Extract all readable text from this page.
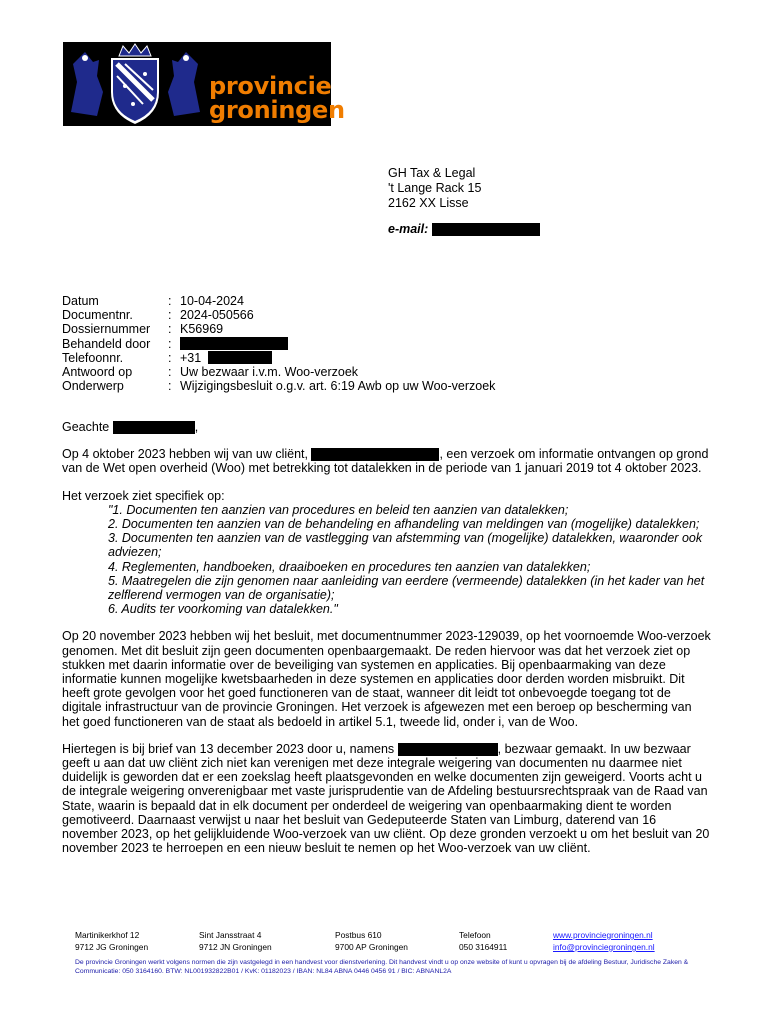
provincie
groningen
GH Tax & Legal
't Lange Rack 15
2162 XX Lisse
e-mail:
Datum	: 10-04-2024
Documentnr.	: 2024-050566
Dossiernummer	: K56969
Behandeld door	:
Telefoonnr.	: +31

Antwoord op	: Uw bezwaar i.v.m. Woo-verzoek
Onderwerp	: Wijzigingsbesluit o.g.v. art. 6:19 Awb op uw Woo-verzoek

Geachte	,

Op 4 oktober 2023 hebben wij van uw cliënt,	, een verzoek om informatie ontvangen op grond van de Wet open overheid (Woo) met betrekking tot datalekken in de periode van 1 januari 2019 tot 4 oktober 2023.

Het verzoek ziet specifiek op:
"1. Documenten ten aanzien van procedures en beleid ten aanzien van datalekken;
2. Documenten ten aanzien van de behandeling en afhandeling van meldingen van (mogelijke) datalekken;
3. Documenten ten aanzien van de vastlegging van afstemming van (mogelijke) datalekken, waaronder ook adviezen;
4. Reglementen, handboeken, draaiboeken en procedures ten aanzien van datalekken;
5. Maatregelen die zijn genomen naar aanleiding van eerdere (vermeende) datalekken (in het kader van het zelflerend vermogen van de organisatie);
6. Audits ter voorkoming van datalekken."

Op 20 november 2023 hebben wij het besluit, met documentnummer 2023-129039, op het voornoemde Woo-verzoek genomen. Met dit besluit zijn geen documenten openbaargemaakt. De reden hiervoor was dat het verzoek ziet op stukken met daarin informatie over de beveiliging van systemen en applicaties. Bij openbaarmaking van deze informatie kunnen mogelijke kwetsbaarheden in deze systemen en applicaties door derden worden misbruikt. Dit heeft grote gevolgen voor het goed functioneren van de staat, wanneer dit leidt tot onbevoegde toegang tot de digitale infrastructuur van de provincie Groningen. Het verzoek is afgewezen met een beroep op bescherming van het goed functioneren van de staat als bedoeld in artikel 5.1, tweede lid, onder i, van de Woo.

Hiertegen is bij brief van 13 december 2023 door u, namens	, bezwaar gemaakt. In uw bezwaar geeft u aan dat uw cliënt zich niet kan verenigen met deze integrale weigering van documenten nu daarmee niet duidelijk is geworden dat er een zoekslag heeft plaatsgevonden en welke documenten zijn geweigerd. Voorts acht u de integrale weigering onverenigbaar met vaste jurisprudentie van de Afdeling bestuursrechtspraak van de Raad van State, waarin is bepaald dat in elk document per onderdeel de weigering van openbaarmaking dient te worden gemotiveerd. Daarnaast verwijst u naar het besluit van Gedeputeerde Staten van Limburg, daterend van 16 november 2023, op het gelijkluidende Woo-verzoek van uw cliënt. Op deze gronden verzoekt u om het besluit van 20 november 2023 te herroepen en een nieuw besluit te nemen op het Woo-verzoek van uw cliënt.

Martinikerkhof 12
9712 JG Groningen
Sint Jansstraat 4
9712 JN Groningen
Postbus 610
9700 AP Groningen
Telefoon
050 3164911
www.provinciegroningen.nl
info@provinciegroningen.nl
De provincie Groningen werkt volgens normen die zijn vastgelegd in een handvest voor dienstverlening. Dit handvest vindt u op onze website of kunt u opvragen bij de afdeling Bestuur, Juridische Zaken & Communicatie: 050 3164160. BTW: NL001932822B01 / KvK: 01182023 / IBAN: NL84 ABNA 0446 0456 91 / BIC: ABNANL2A
